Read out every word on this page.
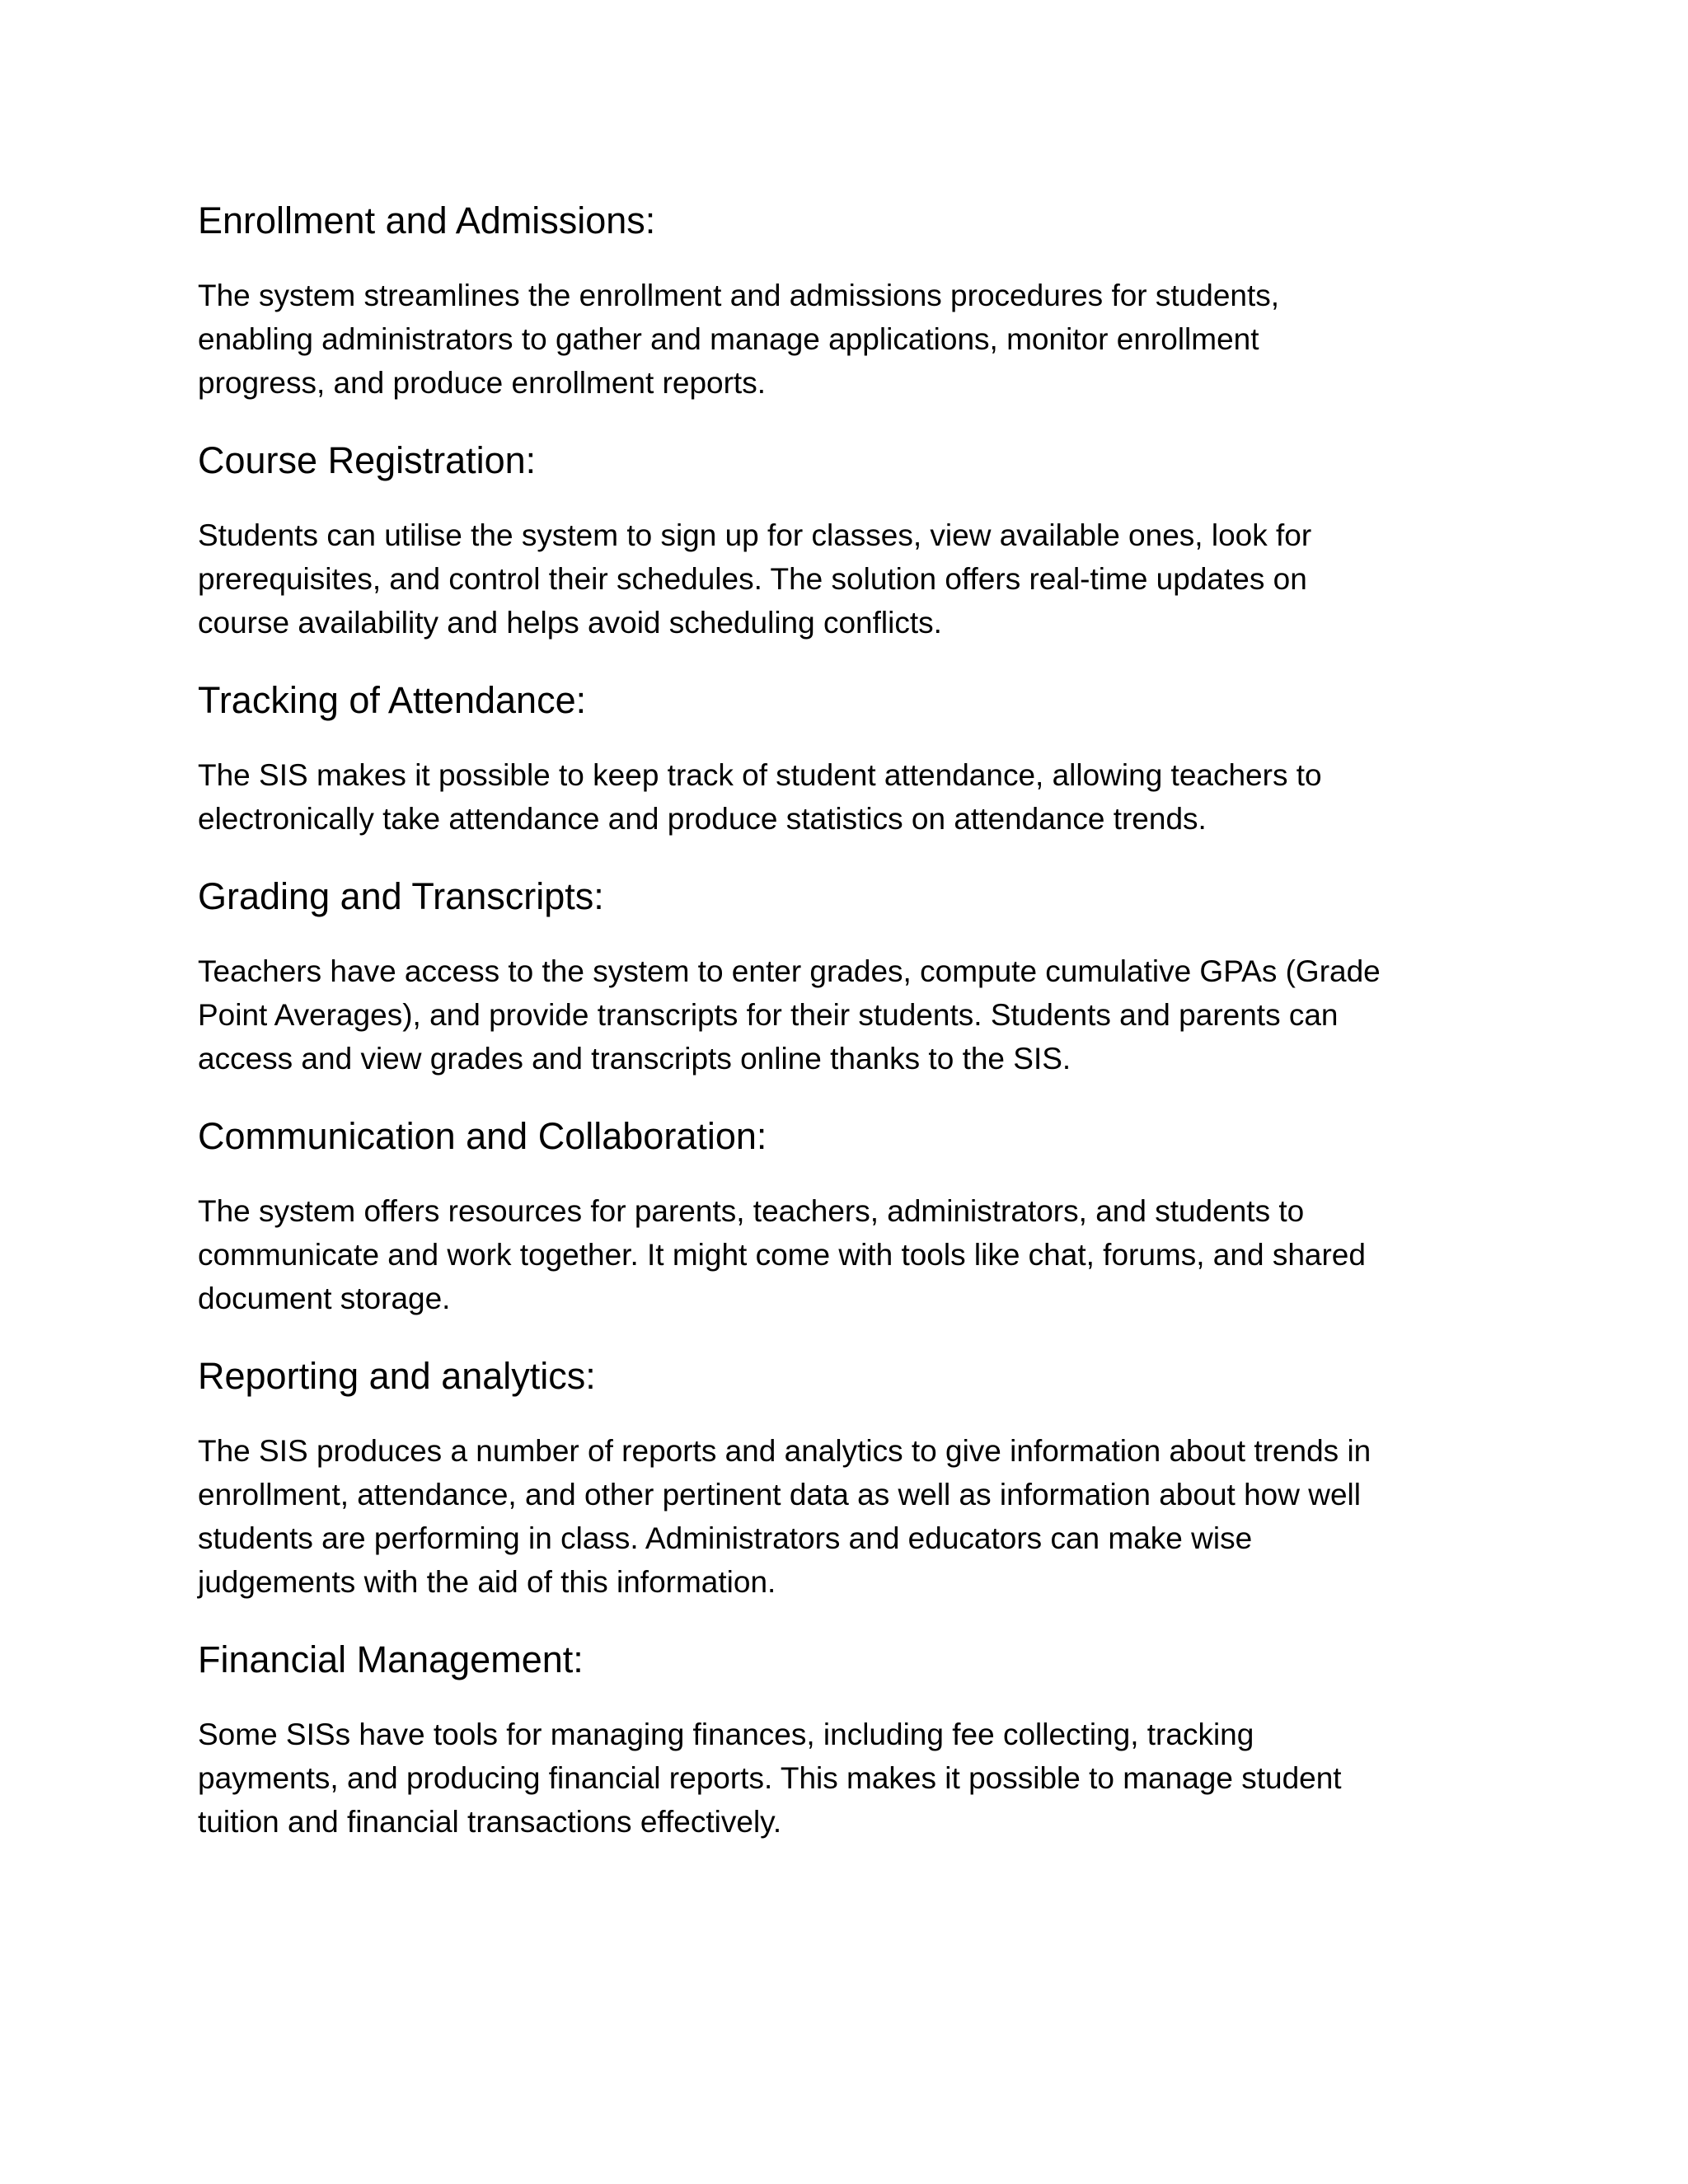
Enrollment and Admissions:

The system streamlines the enrollment and admissions procedures for students,
enabling administrators to gather and manage applications, monitor enrollment
progress, and produce enrollment reports.

Course Registration:

Students can utilise the system to sign up for classes, view available ones, look for
prerequisites, and control their schedules. The solution offers real-time updates on
course availability and helps avoid scheduling conflicts.

Tracking of Attendance:

The SIS makes it possible to keep track of student attendance, allowing teachers to
electronically take attendance and produce statistics on attendance trends.

Grading and Transcripts:

Teachers have access to the system to enter grades, compute cumulative GPAs (Grade
Point Averages), and provide transcripts for their students. Students and parents can
access and view grades and transcripts online thanks to the SIS.

Communication and Collaboration:

The system offers resources for parents, teachers, administrators, and students to
communicate and work together. It might come with tools like chat, forums, and shared
document storage.

Reporting and analytics:

The SIS produces a number of reports and analytics to give information about trends in
enrollment, attendance, and other pertinent data as well as information about how well
students are performing in class. Administrators and educators can make wise
judgements with the aid of this information.

Financial Management:

Some SISs have tools for managing finances, including fee collecting, tracking
payments, and producing financial reports. This makes it possible to manage student
tuition and financial transactions effectively.
